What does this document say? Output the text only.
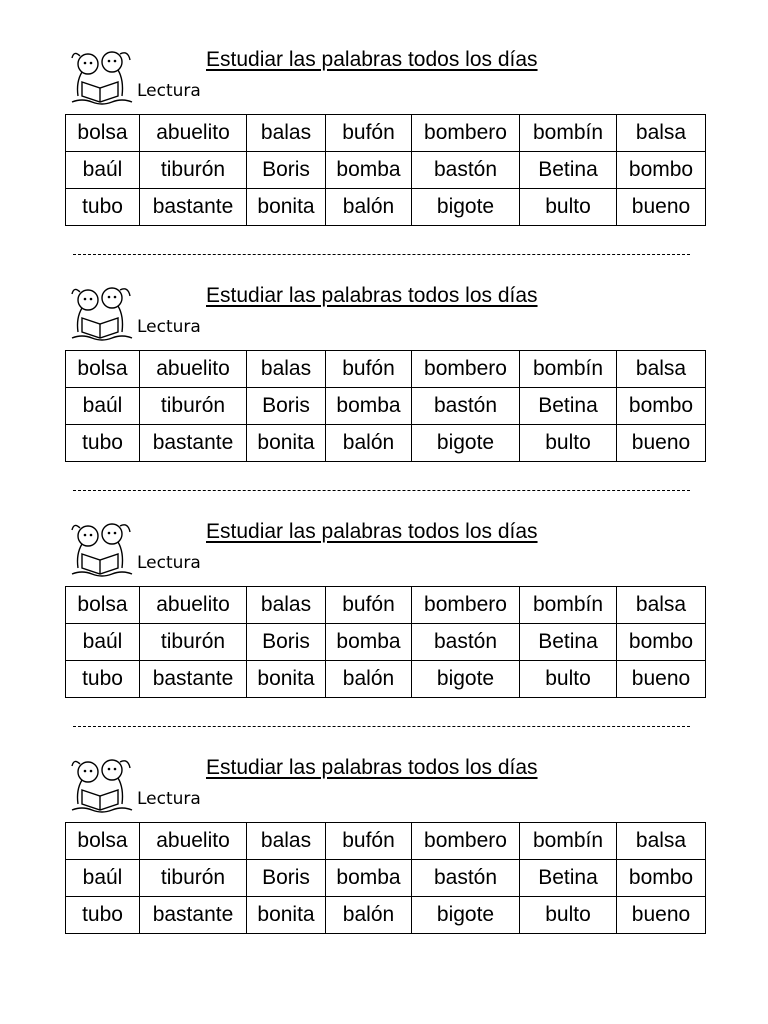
Estudiar las palabras todos los días
Lectura
bolsa	abuelito	balas	bufón	bombero	bombín	balsa
baúl	tiburón	Boris	bomba	bastón	Betina	bombo
tubo	bastante	bonita	balón	bigote	bulto	bueno
Estudiar las palabras todos los días
Lectura
bolsa	abuelito	balas	bufón	bombero	bombín	balsa
baúl	tiburón	Boris	bomba	bastón	Betina	bombo
tubo	bastante	bonita	balón	bigote	bulto	bueno
Estudiar las palabras todos los días
Lectura
bolsa	abuelito	balas	bufón	bombero	bombín	balsa
baúl	tiburón	Boris	bomba	bastón	Betina	bombo
tubo	bastante	bonita	balón	bigote	bulto	bueno
Estudiar las palabras todos los días
Lectura
bolsa	abuelito	balas	bufón	bombero	bombín	balsa
baúl	tiburón	Boris	bomba	bastón	Betina	bombo
tubo	bastante	bonita	balón	bigote	bulto	bueno
